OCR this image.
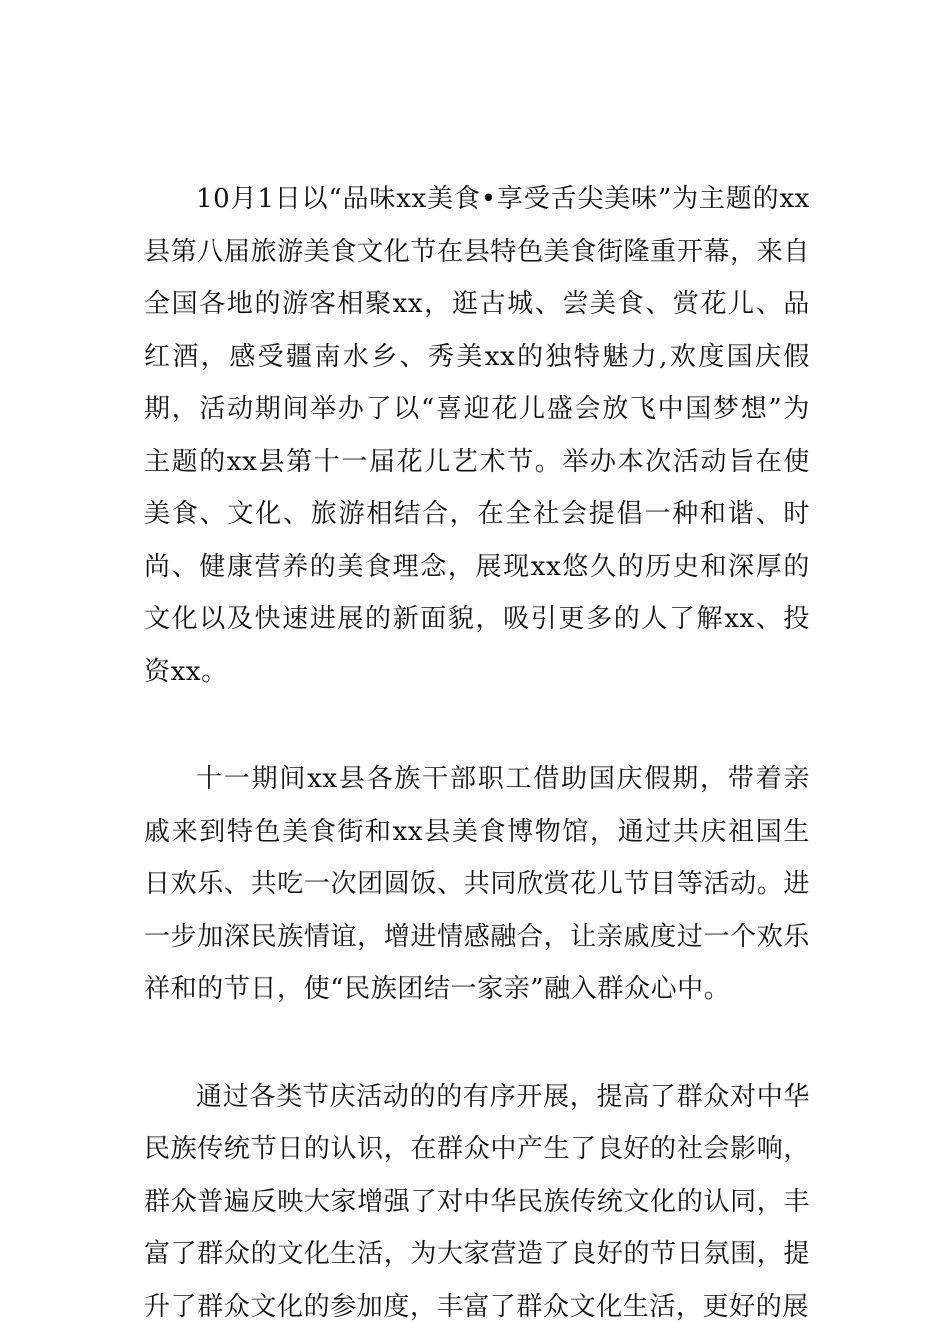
10月1日以“品味xx美食•享受舌尖美味”为主题的xx县第八届旅游美食文化节在县特色美食街隆重开幕，来自全国各地的游客相聚xx，逛古城、尝美食、赏花儿、品红酒，感受疆南水乡、秀美xx的独特魅力,欢度国庆假期，活动期间举办了以“喜迎花儿盛会放飞中国梦想”为主题的xx县第十一届花儿艺术节。举办本次活动旨在使美食、文化、旅游相结合，在全社会提倡一种和谐、时尚、健康营养的美食理念，展现xx悠久的历史和深厚的文化以及快速进展的新面貌，吸引更多的人了解xx、投资xx。

十一期间xx县各族干部职工借助国庆假期，带着亲戚来到特色美食街和xx县美食博物馆，通过共庆祖国生日欢乐、共吃一次团圆饭、共同欣赏花儿节目等活动。进一步加深民族情谊，增进情感融合，让亲戚度过一个欢乐祥和的节日，使“民族团结一家亲”融入群众心中。

通过各类节庆活动的的有序开展，提高了群众对中华民族传统节日的认识，在群众中产生了良好的社会影响，群众普遍反映大家增强了对中华民族传统文化的认同，丰富了群众的文化生活，为大家营造了良好的节日氛围，提升了群众文化的参加度，丰富了群众文化生活，更好的展
